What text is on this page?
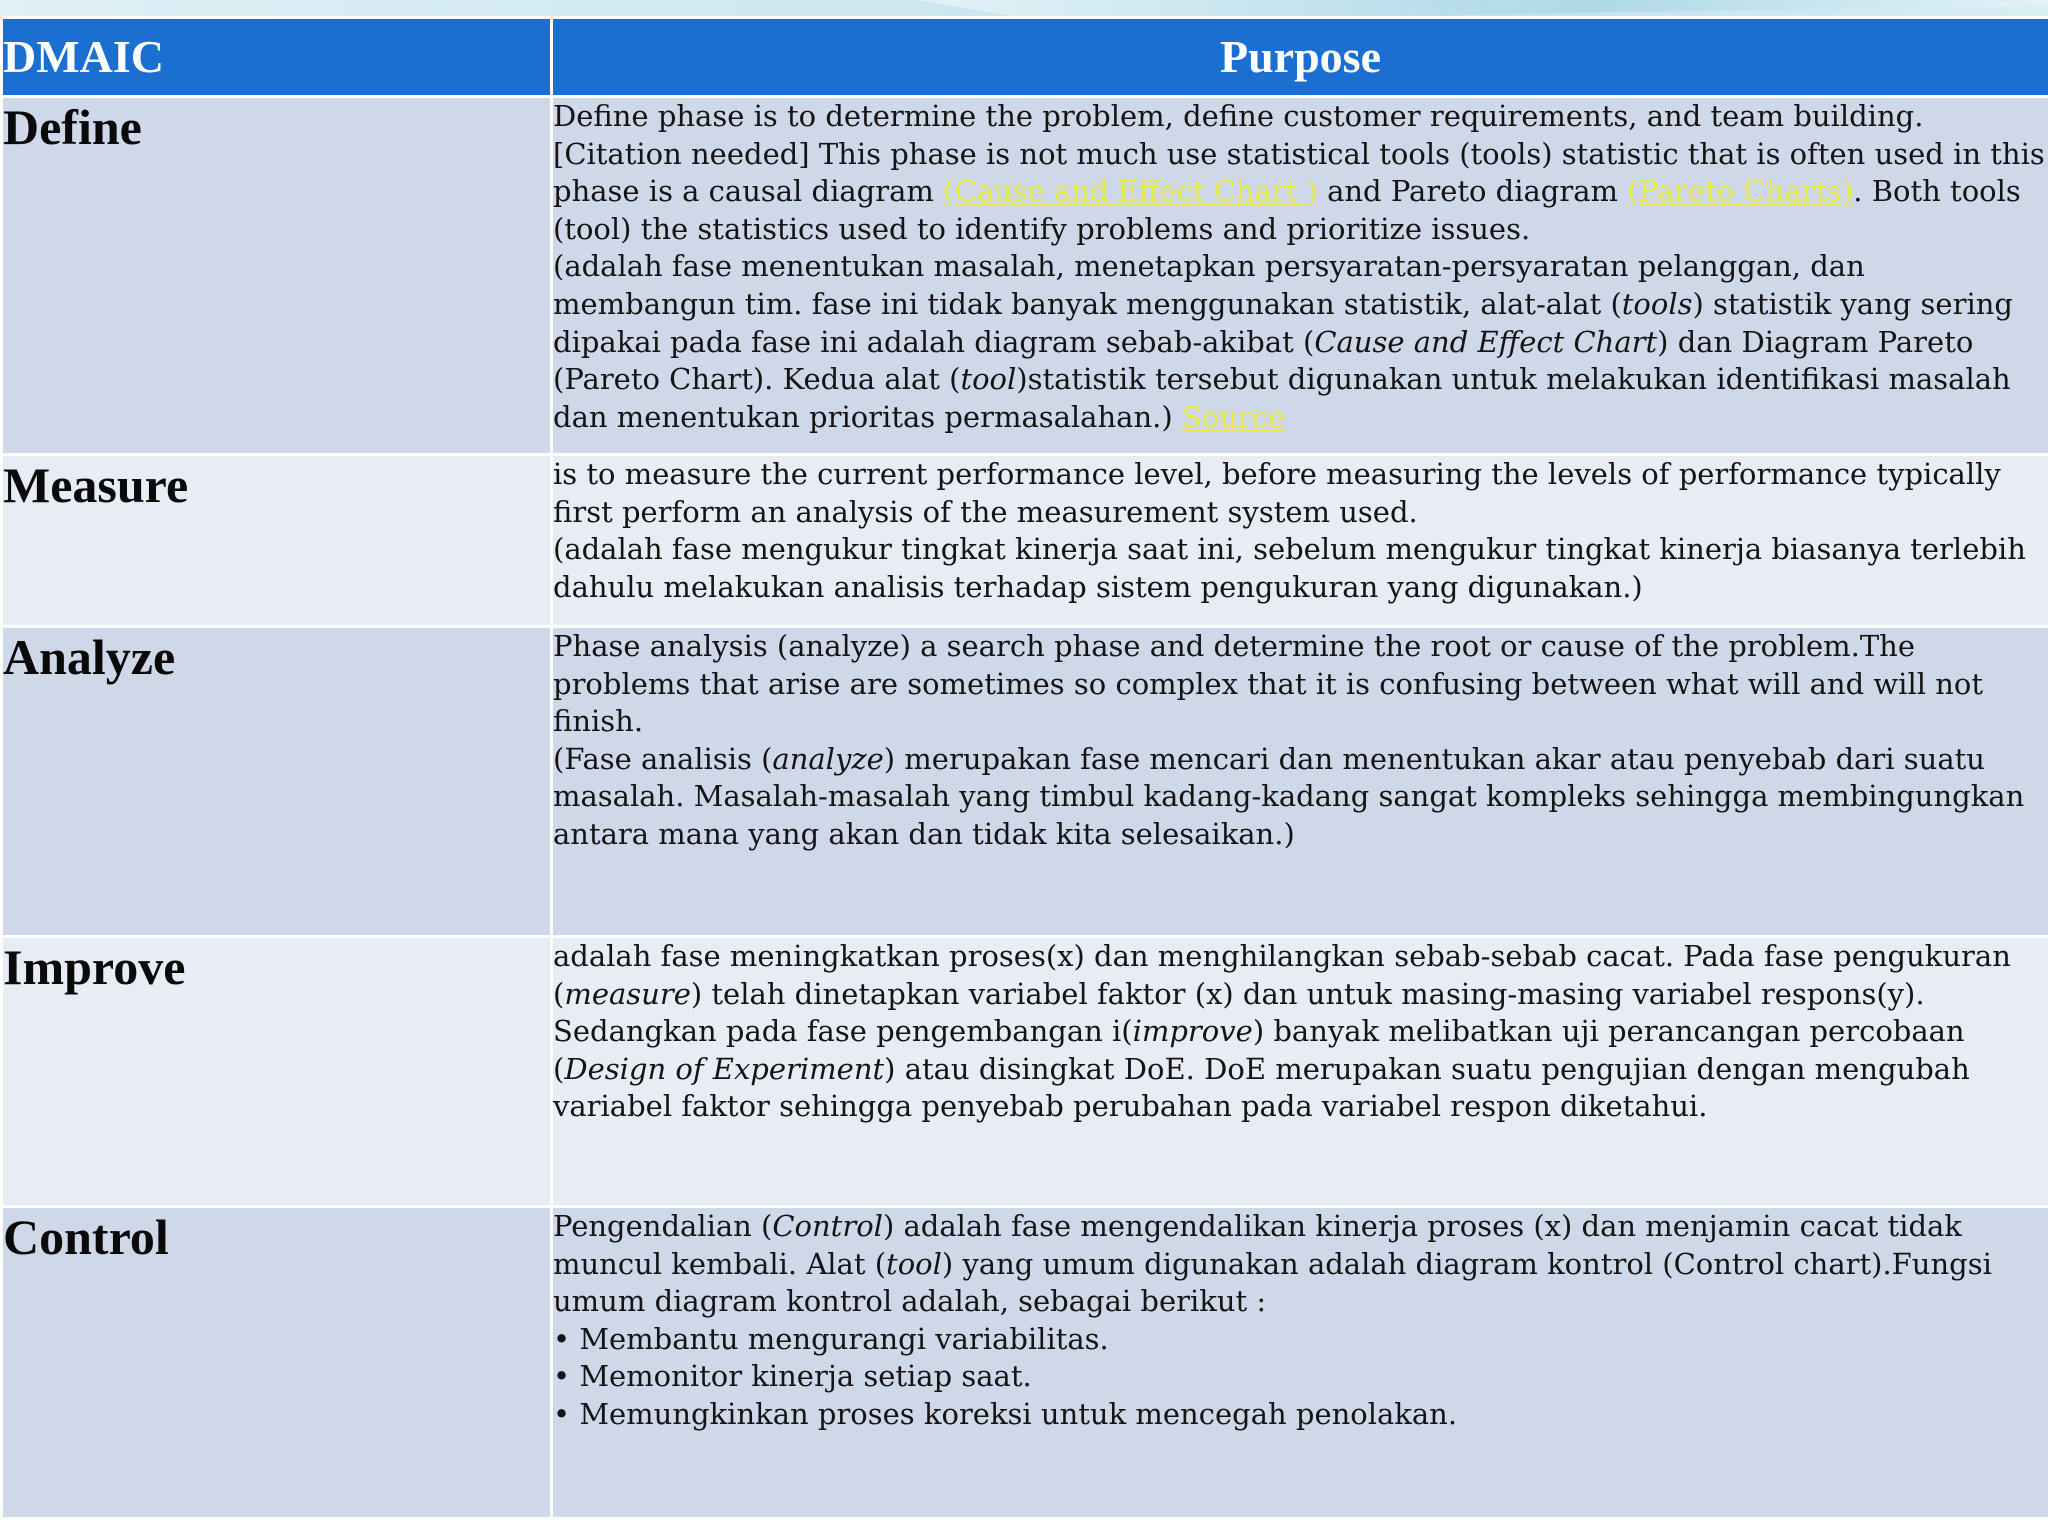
DMAIC	Purpose
Define	Define phase is to determine the problem, define customer requirements, and team building. [Citation needed] This phase is not much use statistical tools (tools) statistic that is often used in this phase is a causal diagram (Cause and Effect Chart ) and Pareto diagram (Pareto Charts). Both tools (tool) the statistics used to identify problems and prioritize issues.
(adalah fase menentukan masalah, menetapkan persyaratan-persyaratan pelanggan, dan membangun tim. fase ini tidak banyak menggunakan statistik, alat-alat (tools) statistik yang sering dipakai pada fase ini adalah diagram sebab-akibat (Cause and Effect Chart) dan Diagram Pareto (Pareto Chart). Kedua alat (tool)statistik tersebut digunakan untuk melakukan identifikasi masalah dan menentukan prioritas permasalahan.) Source

Measure	is to measure the current performance level, before measuring the levels of performance typically first perform an analysis of the measurement system used.
(adalah fase mengukur tingkat kinerja saat ini, sebelum mengukur tingkat kinerja biasanya terlebih dahulu melakukan analisis terhadap sistem pengukuran yang digunakan.)

Analyze	Phase analysis (analyze) a search phase and determine the root or cause of the problem.The problems that arise are sometimes so complex that it is confusing between what will and will not finish.
(Fase analisis (analyze) merupakan fase mencari dan menentukan akar atau penyebab dari suatu masalah. Masalah-masalah yang timbul kadang-kadang sangat kompleks sehingga membingungkan antara mana yang akan dan tidak kita selesaikan.)

Improve	adalah fase meningkatkan proses(x) dan menghilangkan sebab-sebab cacat. Pada fase pengukuran (measure) telah dinetapkan variabel faktor (x) dan untuk masing-masing variabel respons(y). Sedangkan pada fase pengembangan i(improve) banyak melibatkan uji perancangan percobaan (Design of Experiment) atau disingkat DoE. DoE merupakan suatu pengujian dengan mengubah variabel faktor sehingga penyebab perubahan pada variabel respon diketahui.

Control	Pengendalian (Control) adalah fase mengendalikan kinerja proses (x) dan menjamin cacat tidak muncul kembali. Alat (tool) yang umum digunakan adalah diagram kontrol (Control chart).Fungsi umum diagram kontrol adalah, sebagai berikut :
• Membantu mengurangi variabilitas.
• Memonitor kinerja setiap saat.
• Memungkinkan proses koreksi untuk mencegah penolakan.
